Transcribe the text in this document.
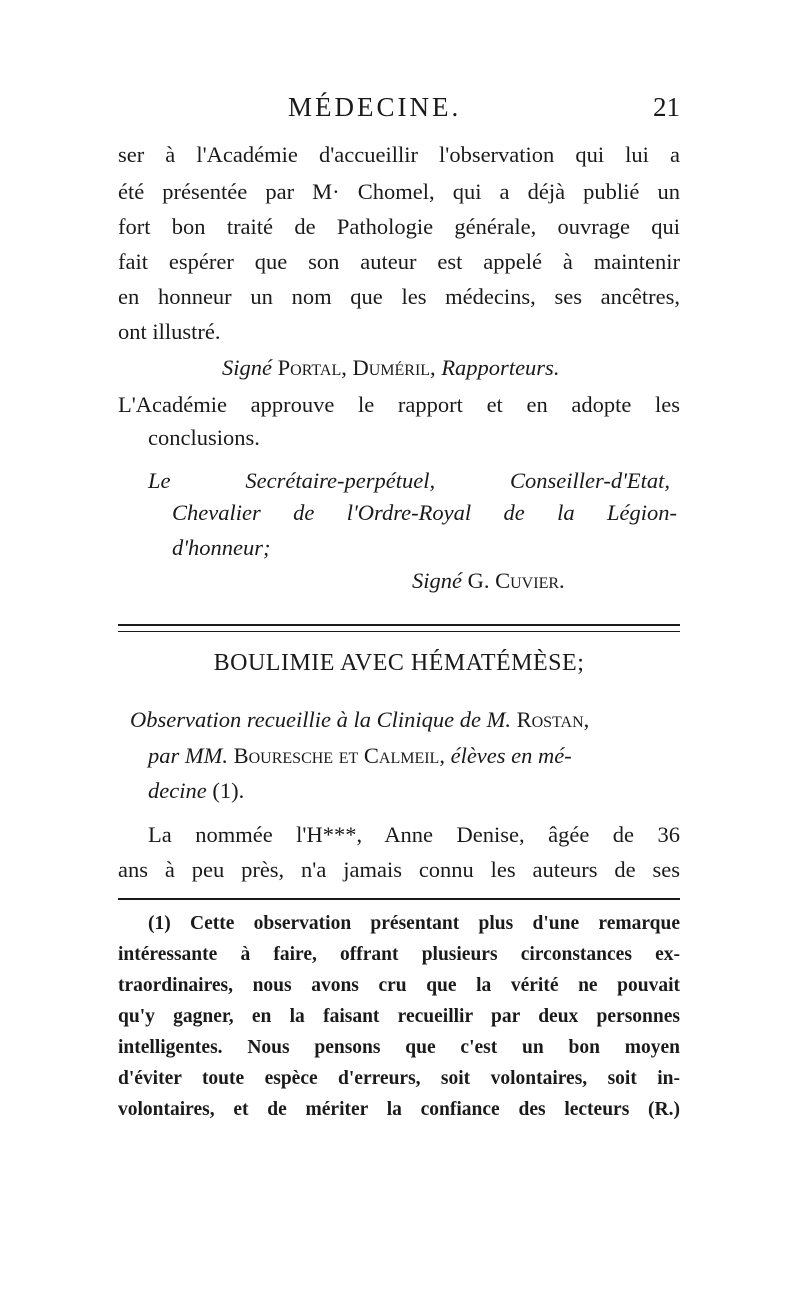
MÉDECINE.	21
ser à l'Académie d'accueillir l'observation qui lui a
été présentée par M· Chomel, qui a déjà publié un
fort bon traité de Pathologie générale, ouvrage qui
fait espérer que son auteur est appelé à maintenir
en honneur un nom que les médecins, ses ancêtres,
ont illustré.
Signé Portal, Duméril, Rapporteurs.
L'Académie approuve le rapport et en adopte les
conclusions.
Le Secrétaire-perpétuel, Conseiller-d'Etat,
Chevalier de l'Ordre-Royal de la Légion-
d'honneur;
Signé G. Cuvier.
BOULIMIE AVEC HÉMATÉMÈSE;
Observation recueillie à la Clinique de M. Rostan,
par MM. Bouresche et Calmeil, élèves en mé-
decine (1).
La nommée l'H***, Anne Denise, âgée de 36
ans à peu près, n'a jamais connu les auteurs de ses
(1) Cette observation présentant plus d'une remarque
intéressante à faire, offrant plusieurs circonstances ex-
traordinaires, nous avons cru que la vérité ne pouvait
qu'y gagner, en la faisant recueillir par deux personnes
intelligentes. Nous pensons que c'est un bon moyen
d'éviter toute espèce d'erreurs, soit volontaires, soit in-
volontaires, et de mériter la confiance des lecteurs (R.)
